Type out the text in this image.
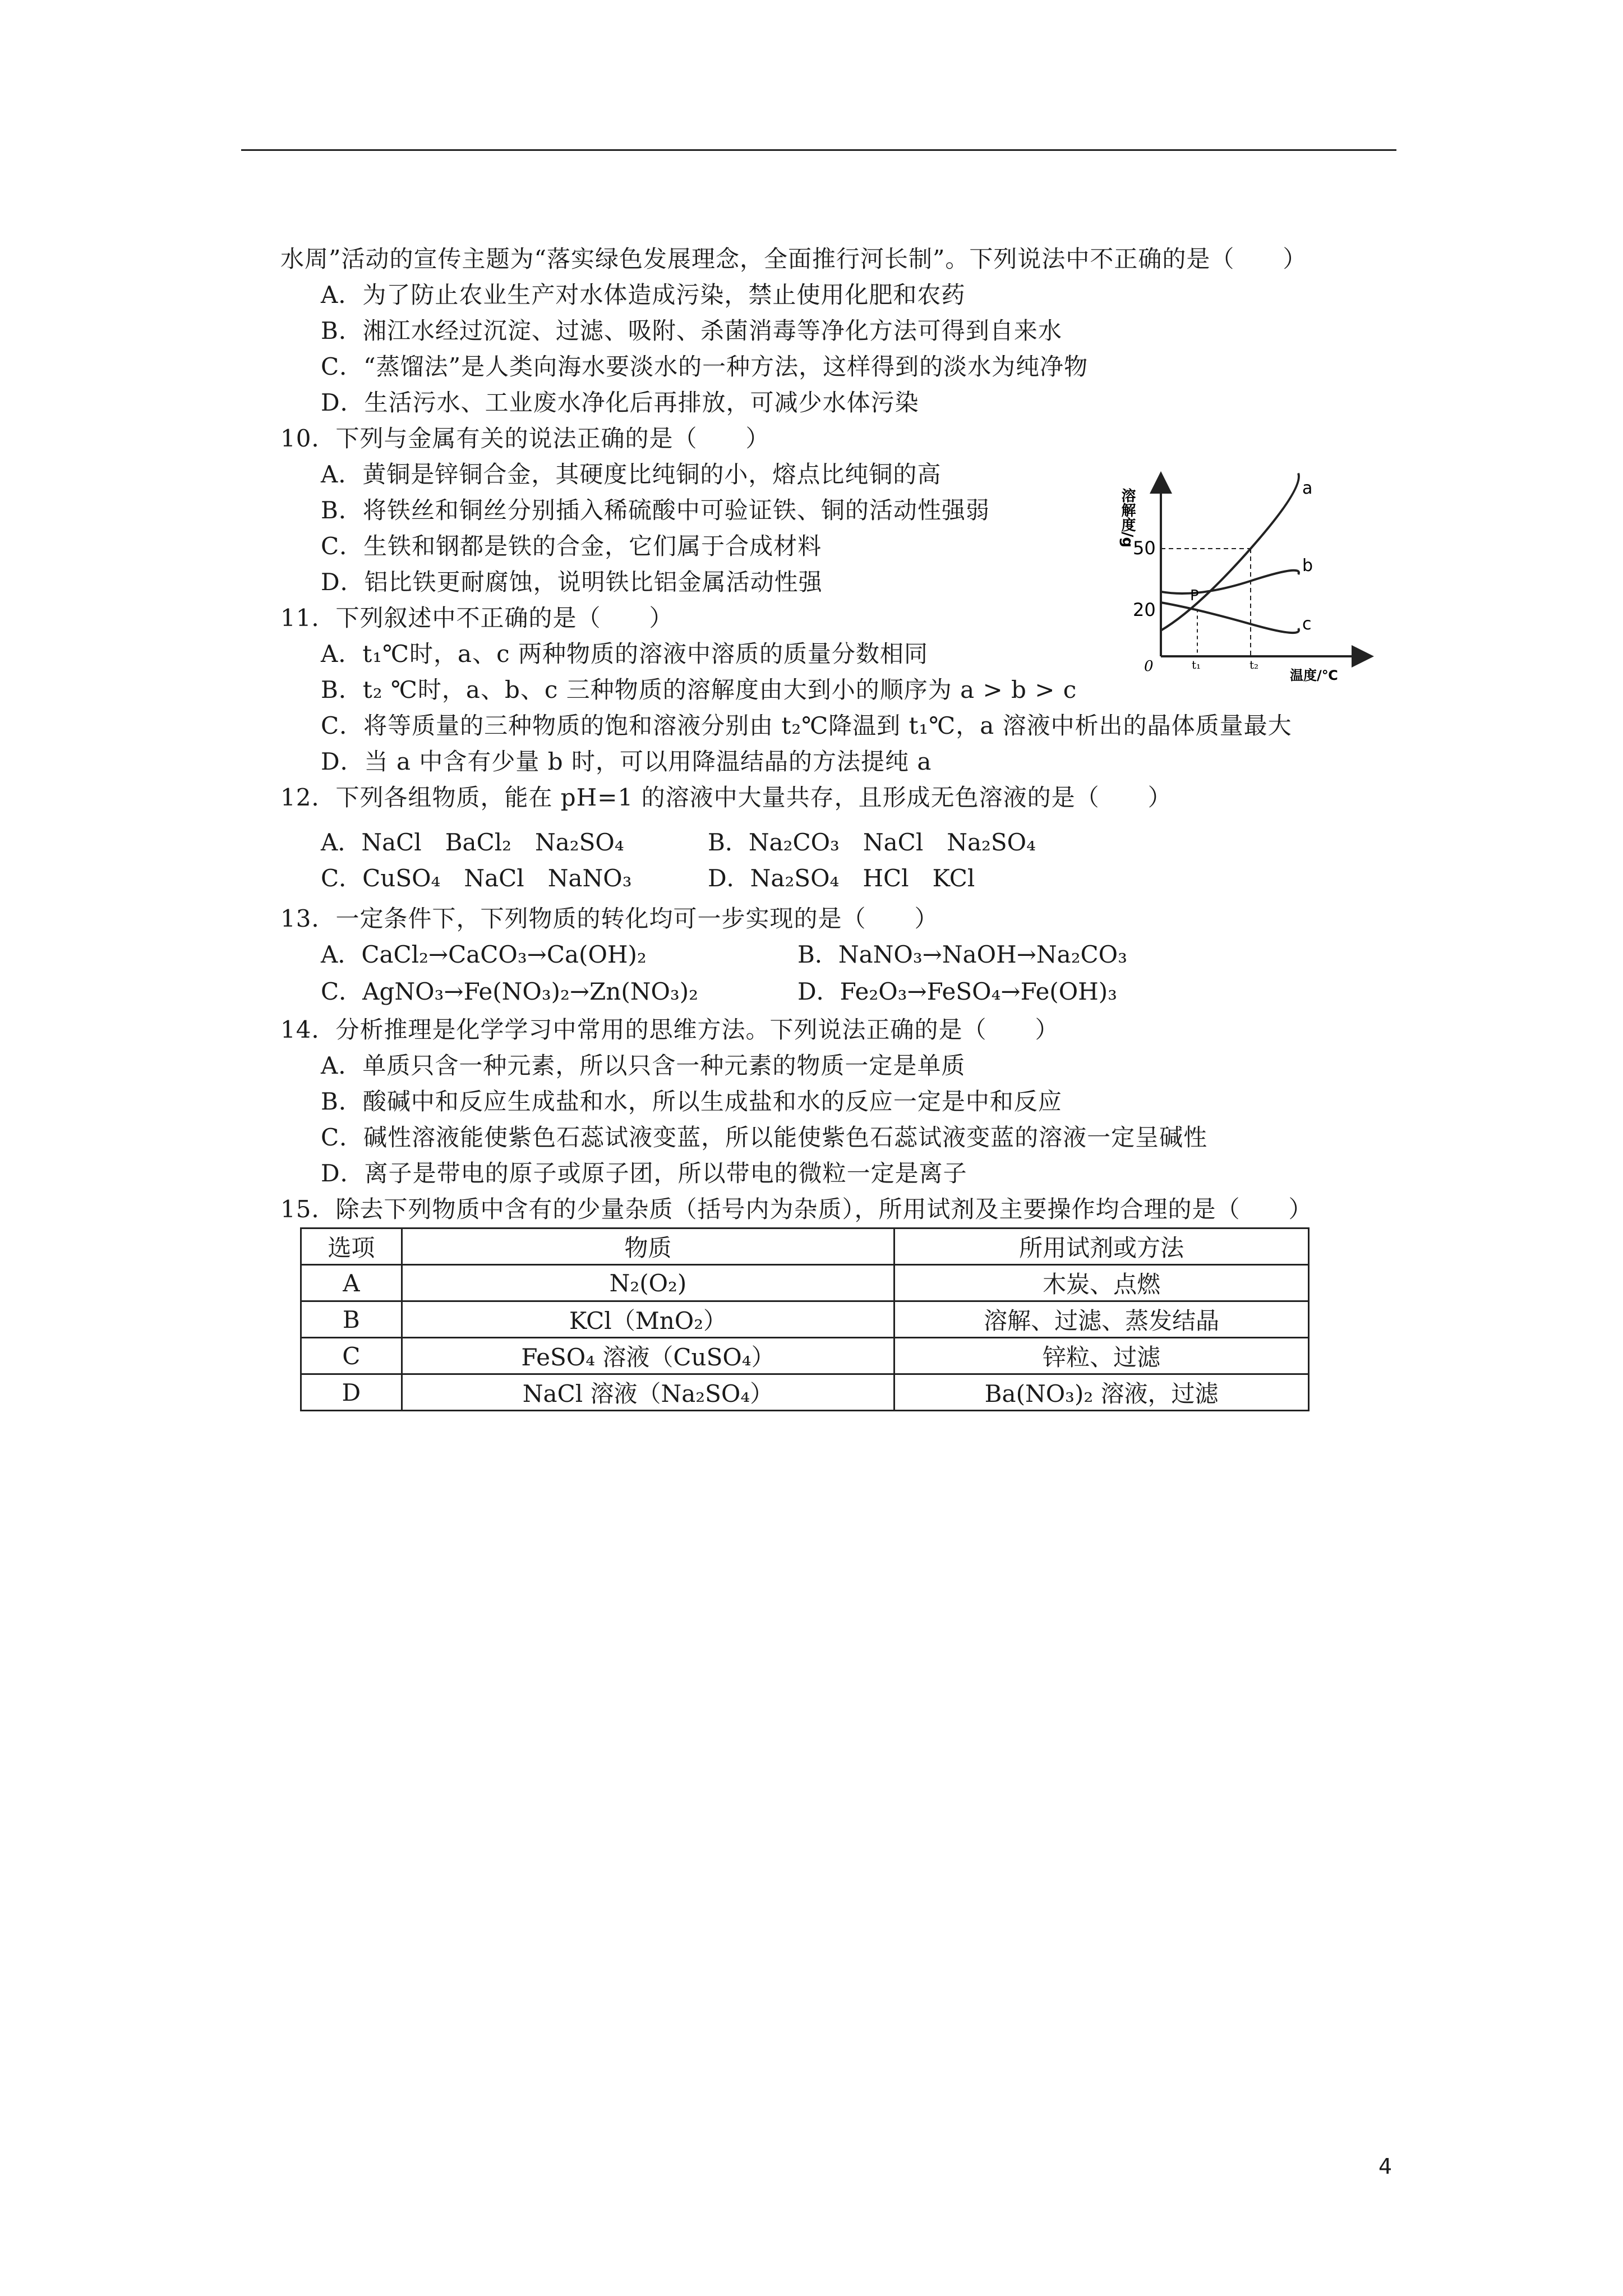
水周”活动的宣传主题为“落实绿色发展理念，全面推行河长制”。下列说法中不正确的是（　　）
A．为了防止农业生产对水体造成污染，禁止使用化肥和农药
B．湘江水经过沉淀、过滤、吸附、杀菌消毒等净化方法可得到自来水
C．“蒸馏法”是人类向海水要淡水的一种方法，这样得到的淡水为纯净物
D．生活污水、工业废水净化后再排放，可减少水体污染
10．下列与金属有关的说法正确的是（　　）
A．黄铜是锌铜合金，其硬度比纯铜的小，熔点比纯铜的高
B．将铁丝和铜丝分别插入稀硫酸中可验证铁、铜的活动性强弱
C．生铁和钢都是铁的合金，它们属于合成材料
D．铝比铁更耐腐蚀，说明铁比铝金属活动性强
溶解度/g
温度/℃
0
50
20
t₁	t₂
P
a
b
c
11．下列叙述中不正确的是（　　）
A．t₁℃时，a、c 两种物质的溶液中溶质的质量分数相同
B．t₂ ℃时，a、b、c 三种物质的溶解度由大到小的顺序为 a > b > c
C．将等质量的三种物质的饱和溶液分别由 t₂℃降温到 t₁℃，a 溶液中析出的晶体质量最大
D．当 a 中含有少量 b 时，可以用降温结晶的方法提纯 a
12．下列各组物质，能在 pH=1 的溶液中大量共存，且形成无色溶液的是（　　）
A．NaCl　BaCl₂　Na₂SO₄	B．Na₂CO₃　NaCl　Na₂SO₄
C．CuSO₄　NaCl　NaNO₃	D．Na₂SO₄　HCl　KCl
13．一定条件下，下列物质的转化均可一步实现的是（　　）
A．CaCl₂→CaCO₃→Ca(OH)₂	B．NaNO₃→NaOH→Na₂CO₃
C．AgNO₃→Fe(NO₃)₂→Zn(NO₃)₂	D．Fe₂O₃→FeSO₄→Fe(OH)₃
14．分析推理是化学学习中常用的思维方法。下列说法正确的是（　　）
A．单质只含一种元素，所以只含一种元素的物质一定是单质
B．酸碱中和反应生成盐和水，所以生成盐和水的反应一定是中和反应
C．碱性溶液能使紫色石蕊试液变蓝，所以能使紫色石蕊试液变蓝的溶液一定呈碱性
D．离子是带电的原子或原子团，所以带电的微粒一定是离子
15．除去下列物质中含有的少量杂质（括号内为杂质），所用试剂及主要操作均合理的是（　　）
选项	物质	所用试剂或方法
A	N₂(O₂)	木炭、点燃
B	KCl（MnO₂）	溶解、过滤、蒸发结晶
C	FeSO₄ 溶液（CuSO₄）	锌粒、过滤
D	NaCl 溶液（Na₂SO₄）	Ba(NO₃)₂ 溶液，过滤
4
